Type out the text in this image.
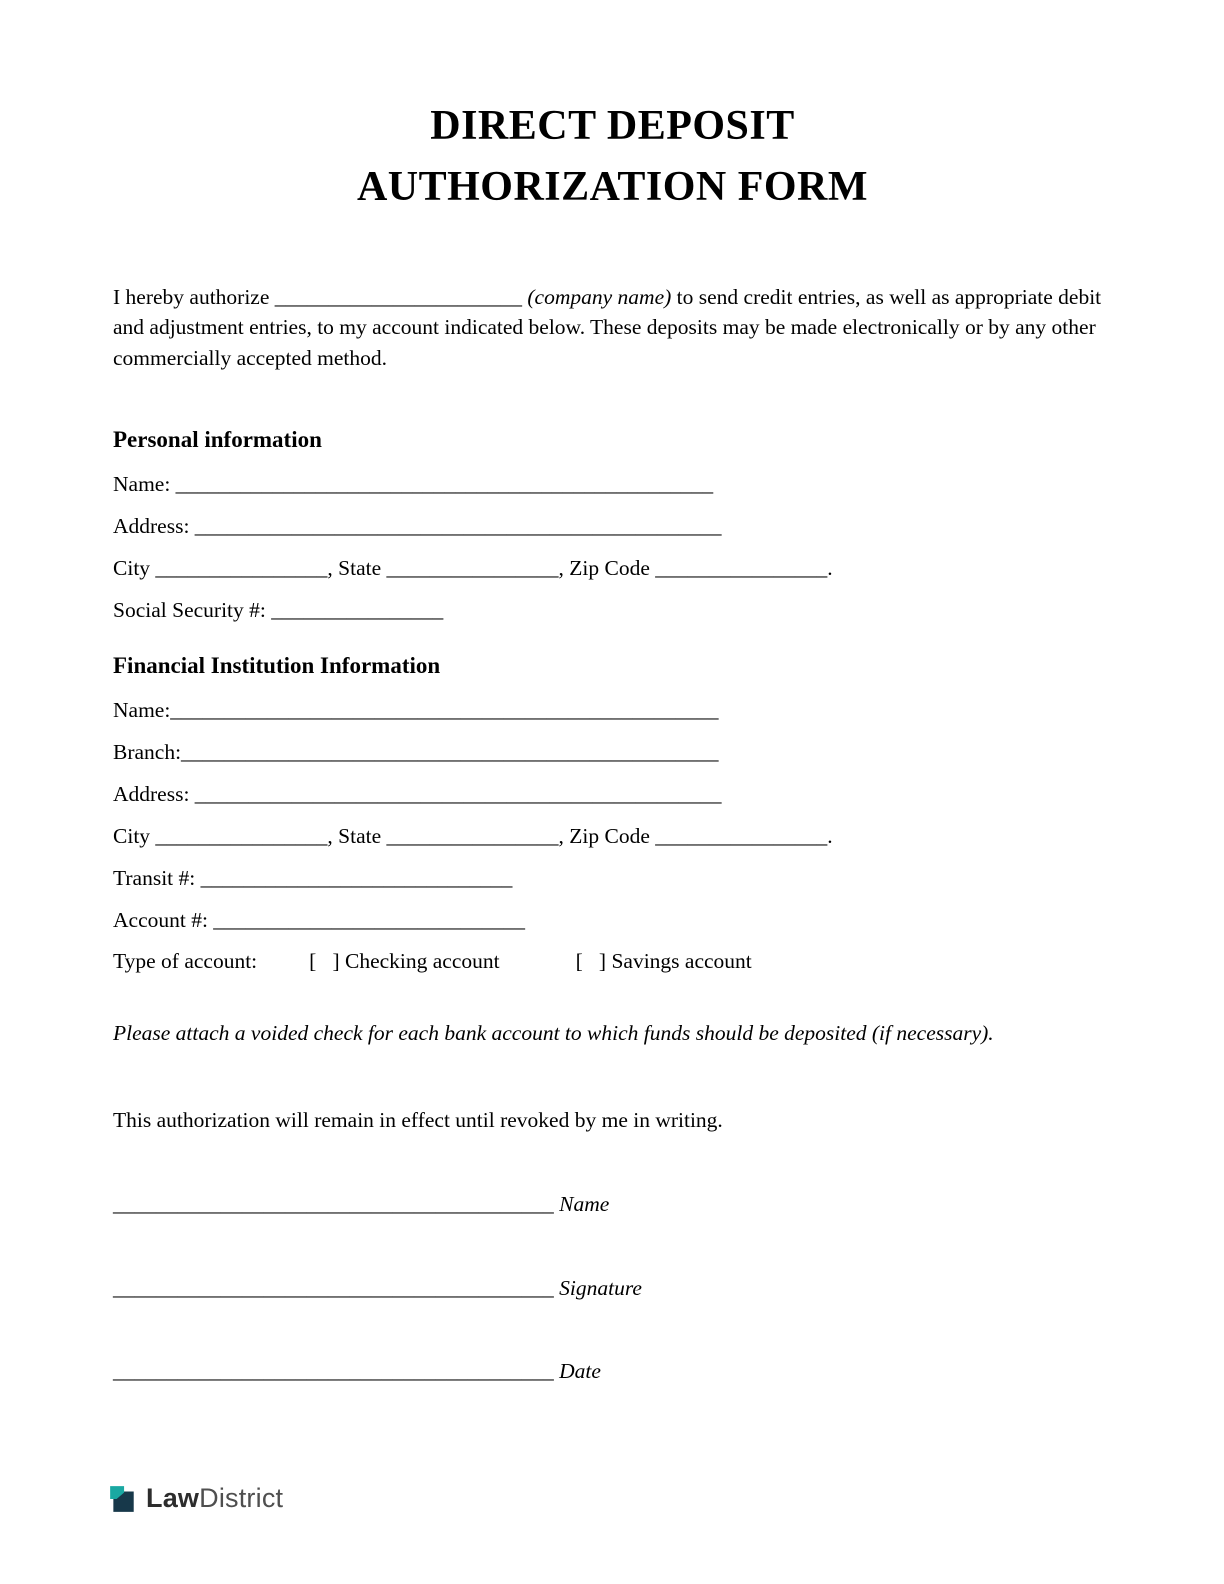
DIRECT DEPOSIT
AUTHORIZATION FORM

I hereby authorize _______________________ (company name) to send credit entries, as well as appropriate debit and adjustment entries, to my account indicated below. These deposits may be made electronically or by any other commercially accepted method.

Personal information

Name: __________________________________________________

Address: _________________________________________________

City ________________, State ________________, Zip Code ________________.

Social Security #: ________________

Financial Institution Information

Name:___________________________________________________

Branch:__________________________________________________

Address: _________________________________________________

City ________________, State ________________, Zip Code ________________.

Transit #: _____________________________

Account #: _____________________________

Type of account: [   ] Checking account	[   ] Savings account

Please attach a voided check for each bank account to which funds should be deposited (if necessary).

This authorization will remain in effect until revoked by me in writing.

_________________________________________ Name

_________________________________________ Signature

_________________________________________ Date

LawDistrict
